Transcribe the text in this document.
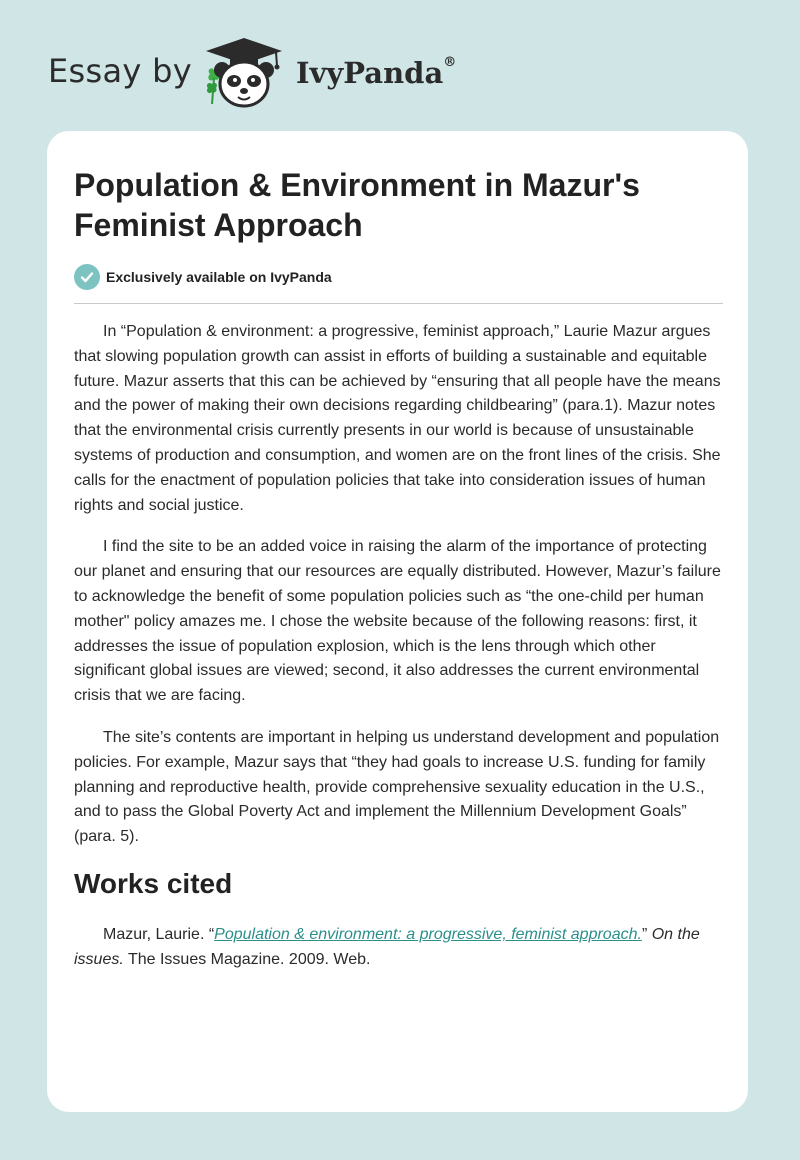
Essay by	IvyPanda®
Population & Environment in Mazur's Feminist Approach
Exclusively available on IvyPanda

In “Population & environment: a progressive, feminist approach,” Laurie Mazur argues that slowing population growth can assist in efforts of building a sustainable and equitable future. Mazur asserts that this can be achieved by “ensuring that all people have the means and the power of making their own decisions regarding childbearing” (para.1). Mazur notes that the environmental crisis currently presents in our world is because of unsustainable systems of production and consumption, and women are on the front lines of the crisis. She calls for the enactment of population policies that take into consideration issues of human rights and social justice.

I find the site to be an added voice in raising the alarm of the importance of protecting our planet and ensuring that our resources are equally distributed. However, Mazur’s failure to acknowledge the benefit of some population policies such as “the one-child per human mother" policy amazes me. I chose the website because of the following reasons: first, it addresses the issue of population explosion, which is the lens through which other significant global issues are viewed; second, it also addresses the current environmental crisis that we are facing.

The site’s contents are important in helping us understand development and population policies. For example, Mazur says that “they had goals to increase U.S. funding for family planning and reproductive health, provide comprehensive sexuality education in the U.S., and to pass the Global Poverty Act and implement the Millennium Development Goals” (para. 5).

Works cited

Mazur, Laurie. “Population & environment: a progressive, feminist approach.” On the issues. The Issues Magazine. 2009. Web.
